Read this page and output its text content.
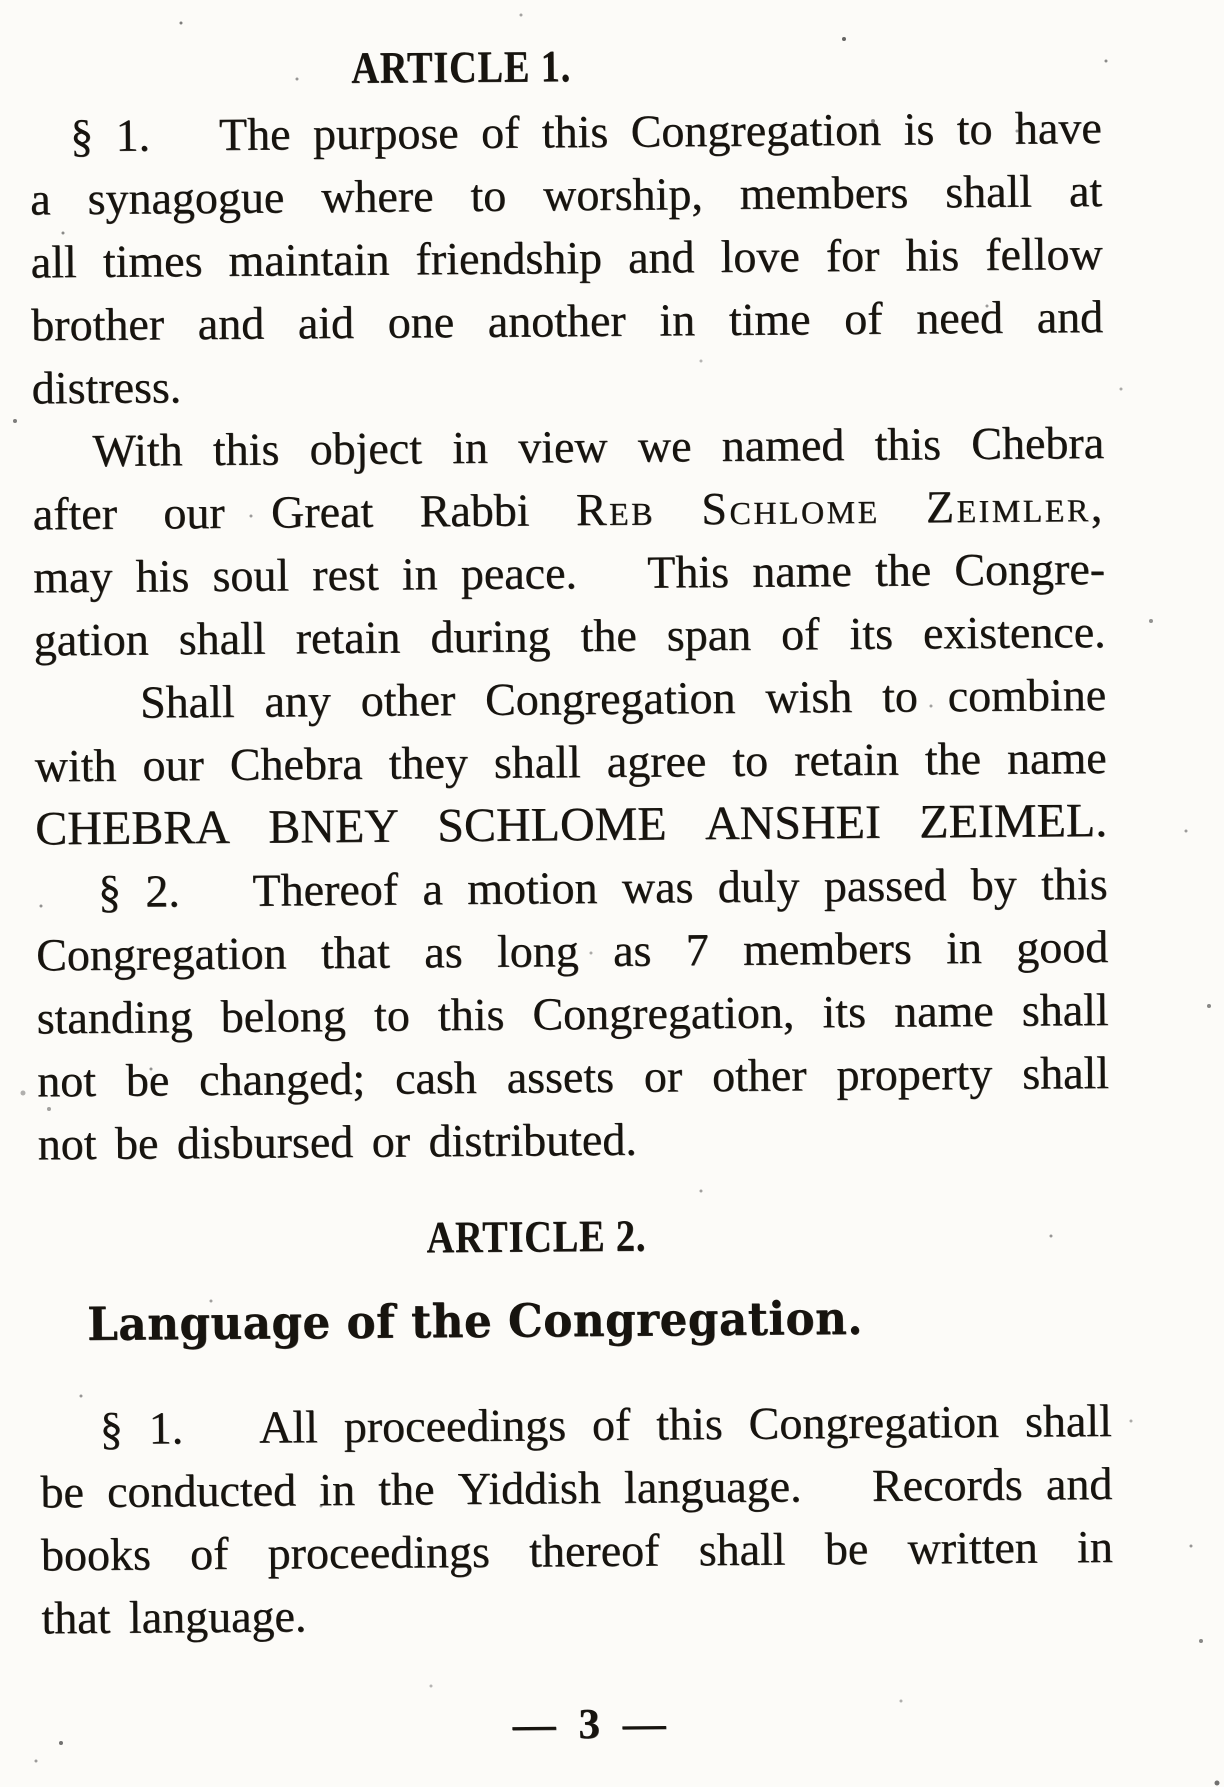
ARTICLE 1.
§ 1. The purpose of this Congregation is to have
a synagogue where to worship, members shall at
all times maintain friendship and love for his fellow
brother and aid one another in time of need and
distress.
With this object in view we named this Chebra
after our Great Rabbi Reb Schlome Zeimler,
may his soul rest in peace. This name the Congre-
gation shall retain during the span of its existence.
Shall any other Congregation wish to combine
with our Chebra they shall agree to retain the name
CHEBRA BNEY SCHLOME ANSHEI ZEIMEL.
§ 2. Thereof a motion was duly passed by this
Congregation that as long as 7 members in good
standing belong to this Congregation, its name shall
not be changed; cash assets or other property shall
not be disbursed or distributed.
ARTICLE 2.
Language of the Congregation.
§ 1. All proceedings of this Congregation shall
be conducted in the Yiddish language. Records and
books of proceedings thereof shall be written in
that language.
— 3 —
